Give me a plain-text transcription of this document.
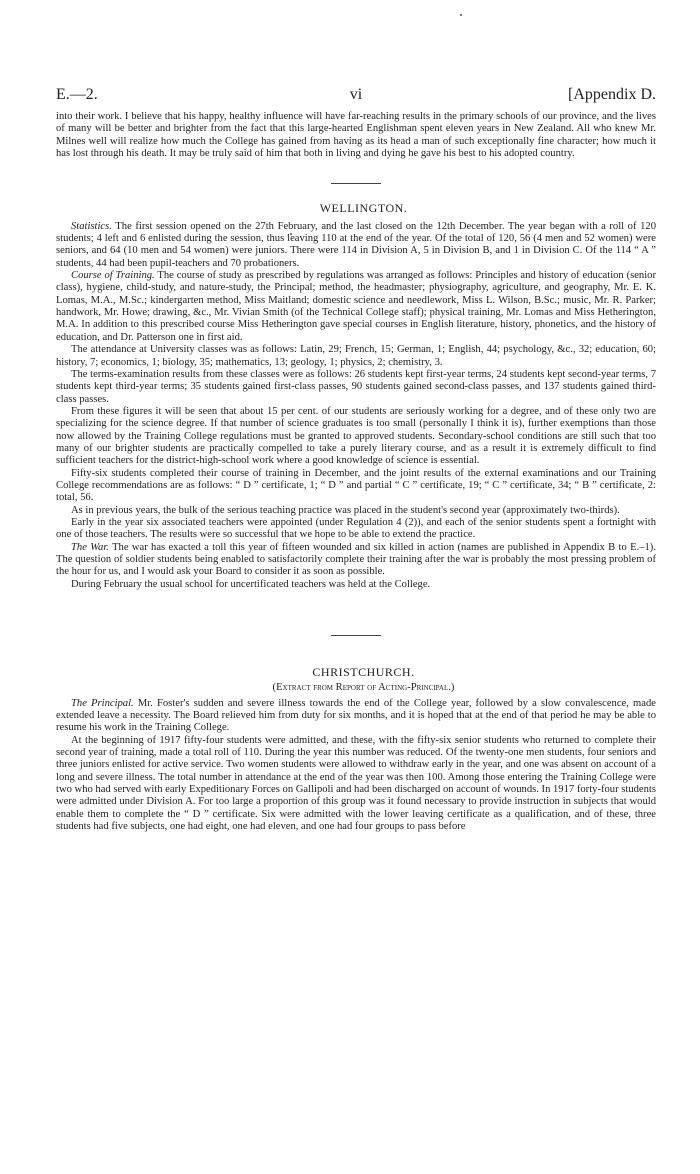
E.—2.	vi	[Appendix D.

into their work. I believe that his happy, healthy influence will have far-reaching results in the primary schools of our province, and the lives of many will be better and brighter from the fact that this large-hearted Englishman spent eleven years in New Zealand. All who knew Mr. Milnes well will realize how much the College has gained from having as its head a man of such exceptionally fine character; how much it has lost through his death. It may be truly said of him that both in living and dying he gave his best to his adopted country.

WELLINGTON.

Statistics. The first session opened on the 27th February, and the last closed on the 12th December. The year began with a roll of 120 students; 4 left and 6 enlisted during the session, thus leaving 110 at the end of the year. Of the total of 120, 56 (4 men and 52 women) were seniors, and 64 (10 men and 54 women) were juniors. There were 114 in Division A, 5 in Division B, and 1 in Division C. Of the 114 “ A ” students, 44 had been pupil-teachers and 70 probationers.

Course of Training. The course of study as prescribed by regulations was arranged as follows: Principles and history of education (senior class), hygiene, child-study, and nature-study, the Principal; method, the headmaster; physiography, agriculture, and geography, Mr. E. K. Lomas, M.A., M.Sc.; kindergarten method, Miss Maitland; domestic science and needlework, Miss L. Wilson, B.Sc.; music, Mr. R. Parker; handwork, Mr. Howe; drawing, &c., Mr. Vivian Smith (of the Technical College staff); physical training, Mr. Lomas and Miss Hetherington, M.A. In addition to this prescribed course Miss Hetherington gave special courses in English literature, history, phonetics, and the history of education, and Dr. Patterson one in first aid.

The attendance at University classes was as follows: Latin, 29; French, 15; German, 1; English, 44; psychology, &c., 32; education, 60; history, 7; economics, 1; biology, 35; mathematics, 13; geology, 1; physics, 2; chemistry, 3.

The terms-examination results from these classes were as follows: 26 students kept first-year terms, 24 students kept second-year terms, 7 students kept third-year terms; 35 students gained first-class passes, 90 students gained second-class passes, and 137 students gained third-class passes.

From these figures it will be seen that about 15 per cent. of our students are seriously working for a degree, and of these only two are specializing for the science degree. If that number of science graduates is too small (personally I think it is), further exemptions than those now allowed by the Training College regulations must be granted to approved students. Secondary-school conditions are still such that too many of our brighter students are practically compelled to take a purely literary course, and as a result it is extremely difficult to find sufficient teachers for the district-high-school work where a good knowledge of science is essential.

Fifty-six students completed their course of training in December, and the joint results of the external examinations and our Training College recommendations are as follows: “ D ” certificate, 1; “ D ” and partial “ C ” certificate, 19; “ C ” certificate, 34; “ B ” certificate, 2: total, 56.

As in previous years, the bulk of the serious teaching practice was placed in the student's second year (approximately two-thirds).

Early in the year six associated teachers were appointed (under Regulation 4 (2)), and each of the senior students spent a fortnight with one of those teachers. The results were so successful that we hope to be able to extend the practice.

The War. The war has exacted a toll this year of fifteen wounded and six killed in action (names are published in Appendix B to E.–1). The question of soldier students being enabled to satisfactorily complete their training after the war is probably the most pressing problem of the hour for us, and I would ask your Board to consider it as soon as possible.

During February the usual school for uncertificated teachers was held at the College.

CHRISTCHURCH.

(Extract from Report of Acting-Principal.)

The Principal. Mr. Foster's sudden and severe illness towards the end of the College year, followed by a slow convalescence, made extended leave a necessity. The Board relieved him from duty for six months, and it is hoped that at the end of that period he may be able to resume his work in the Training College.

At the beginning of 1917 fifty-four students were admitted, and these, with the fifty-six senior students who returned to complete their second year of training, made a total roll of 110. During the year this number was reduced. Of the twenty-one men students, four seniors and three juniors enlisted for active service. Two women students were allowed to withdraw early in the year, and one was absent on account of a long and severe illness. The total number in attendance at the end of the year was then 100. Among those entering the Training College were two who had served with early Expeditionary Forces on Gallipoli and had been discharged on account of wounds. In 1917 forty-four students were admitted under Division A. For too large a proportion of this group was it found necessary to provide instruction in subjects that would enable them to complete the “ D ” certificate. Six were admitted with the lower leaving certificate as a qualification, and of these, three students had five subjects, one had eight, one had eleven, and one had four groups to pass before
